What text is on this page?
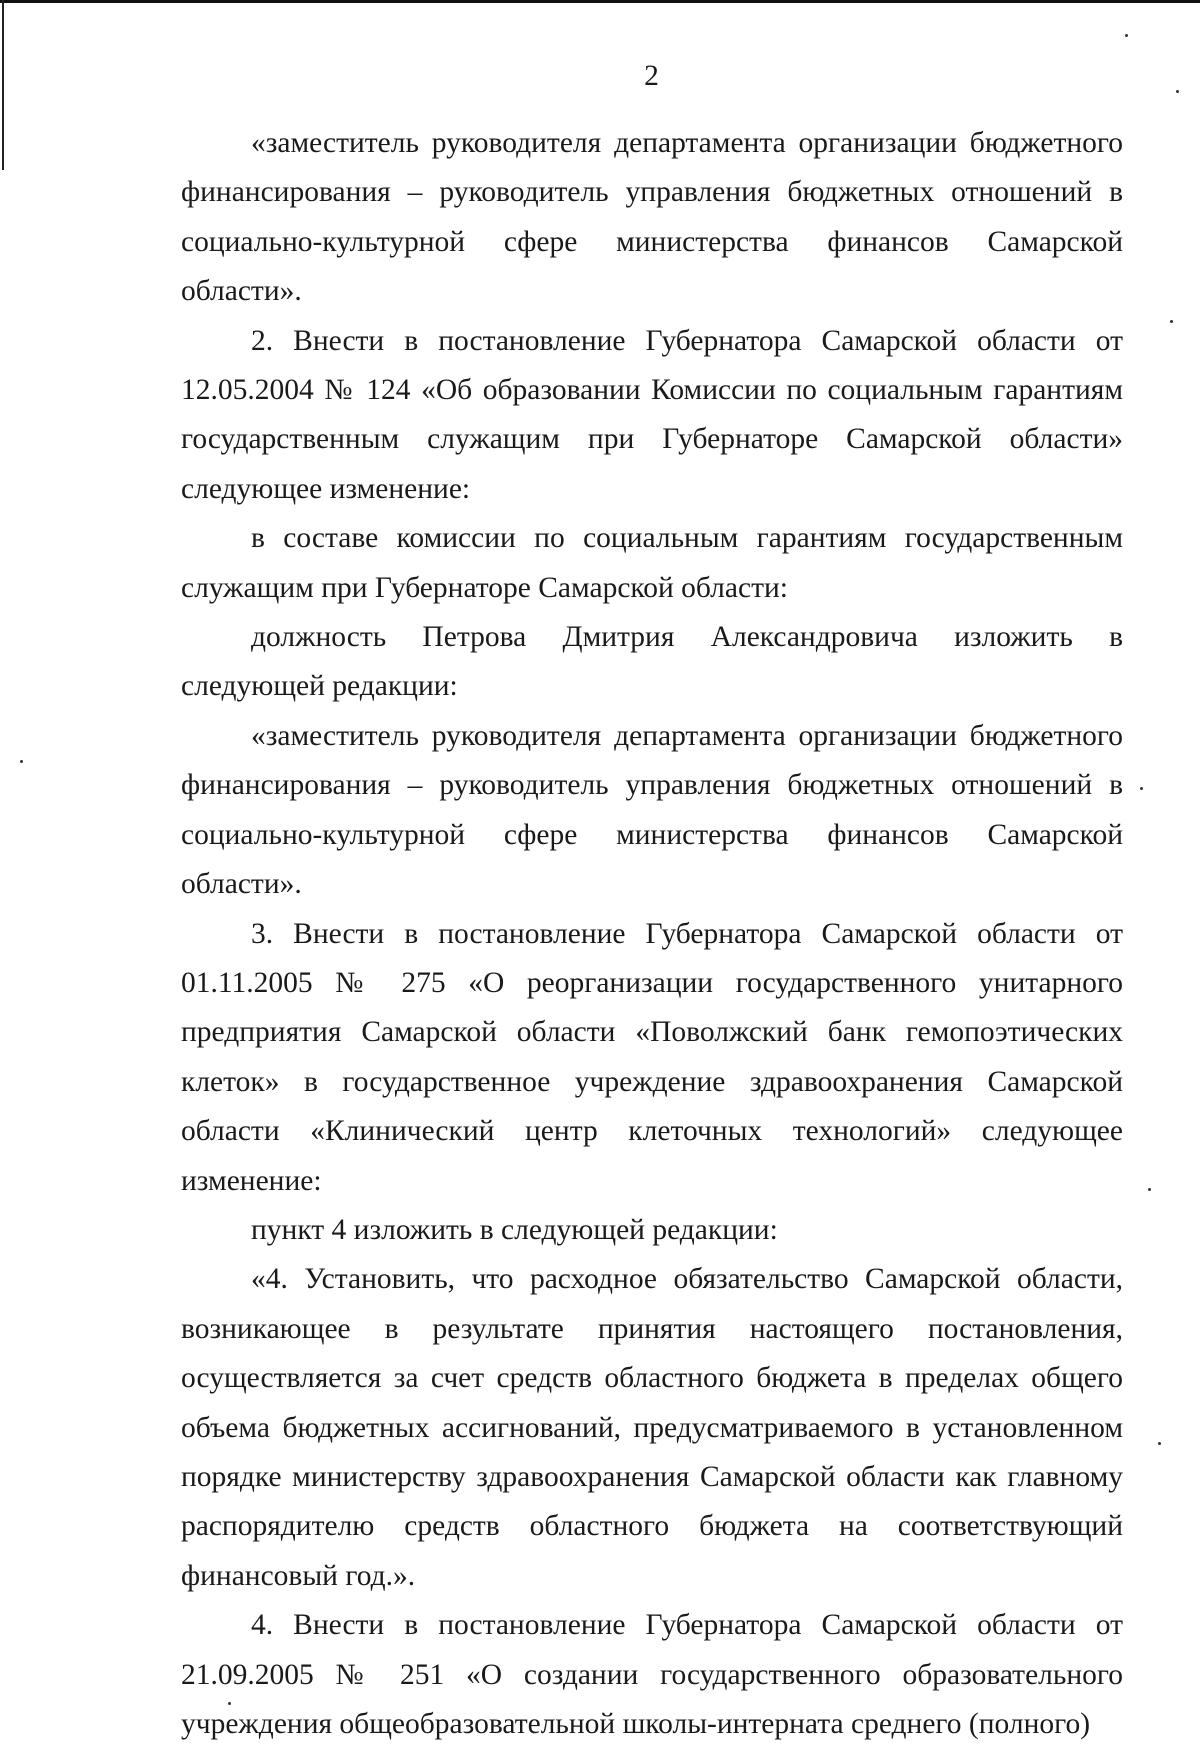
2

«заместитель руководителя департамента организации бюджетного финансирования – руководитель управления бюджетных отношений в социально-культурной сфере министерства финансов Самарской области».

2. Внести в постановление Губернатора Самарской области от 12.05.2004 № 124 «Об образовании Комиссии по социальным гарантиям государственным служащим при Губернаторе Самарской области» следующее изменение:

в составе комиссии по социальным гарантиям государственным служащим при Губернаторе Самарской области:

должность Петрова Дмитрия Александровича изложить в следующей редакции:

«заместитель руководителя департамента организации бюджетного финансирования – руководитель управления бюджетных отношений в социально-культурной сфере министерства финансов Самарской области».

3. Внести в постановление Губернатора Самарской области от 01.11.2005 № 275 «О реорганизации государственного унитарного предприятия Самарской области «Поволжский банк гемопоэтических клеток» в государственное учреждение здравоохранения Самарской области «Клинический центр клеточных технологий» следующее изменение:

пункт 4 изложить в следующей редакции:

«4. Установить, что расходное обязательство Самарской области, возникающее в результате принятия настоящего постановления, осуществляется за счет средств областного бюджета в пределах общего объема бюджетных ассигнований, предусматриваемого в установленном порядке министерству здравоохранения Самарской области как главному распорядителю средств областного бюджета на соответствующий финансовый год.».

4. Внести в постановление Губернатора Самарской области от 21.09.2005 № 251 «О создании государственного образовательного учреждения общеобразовательной школы-интерната среднего (полного)
